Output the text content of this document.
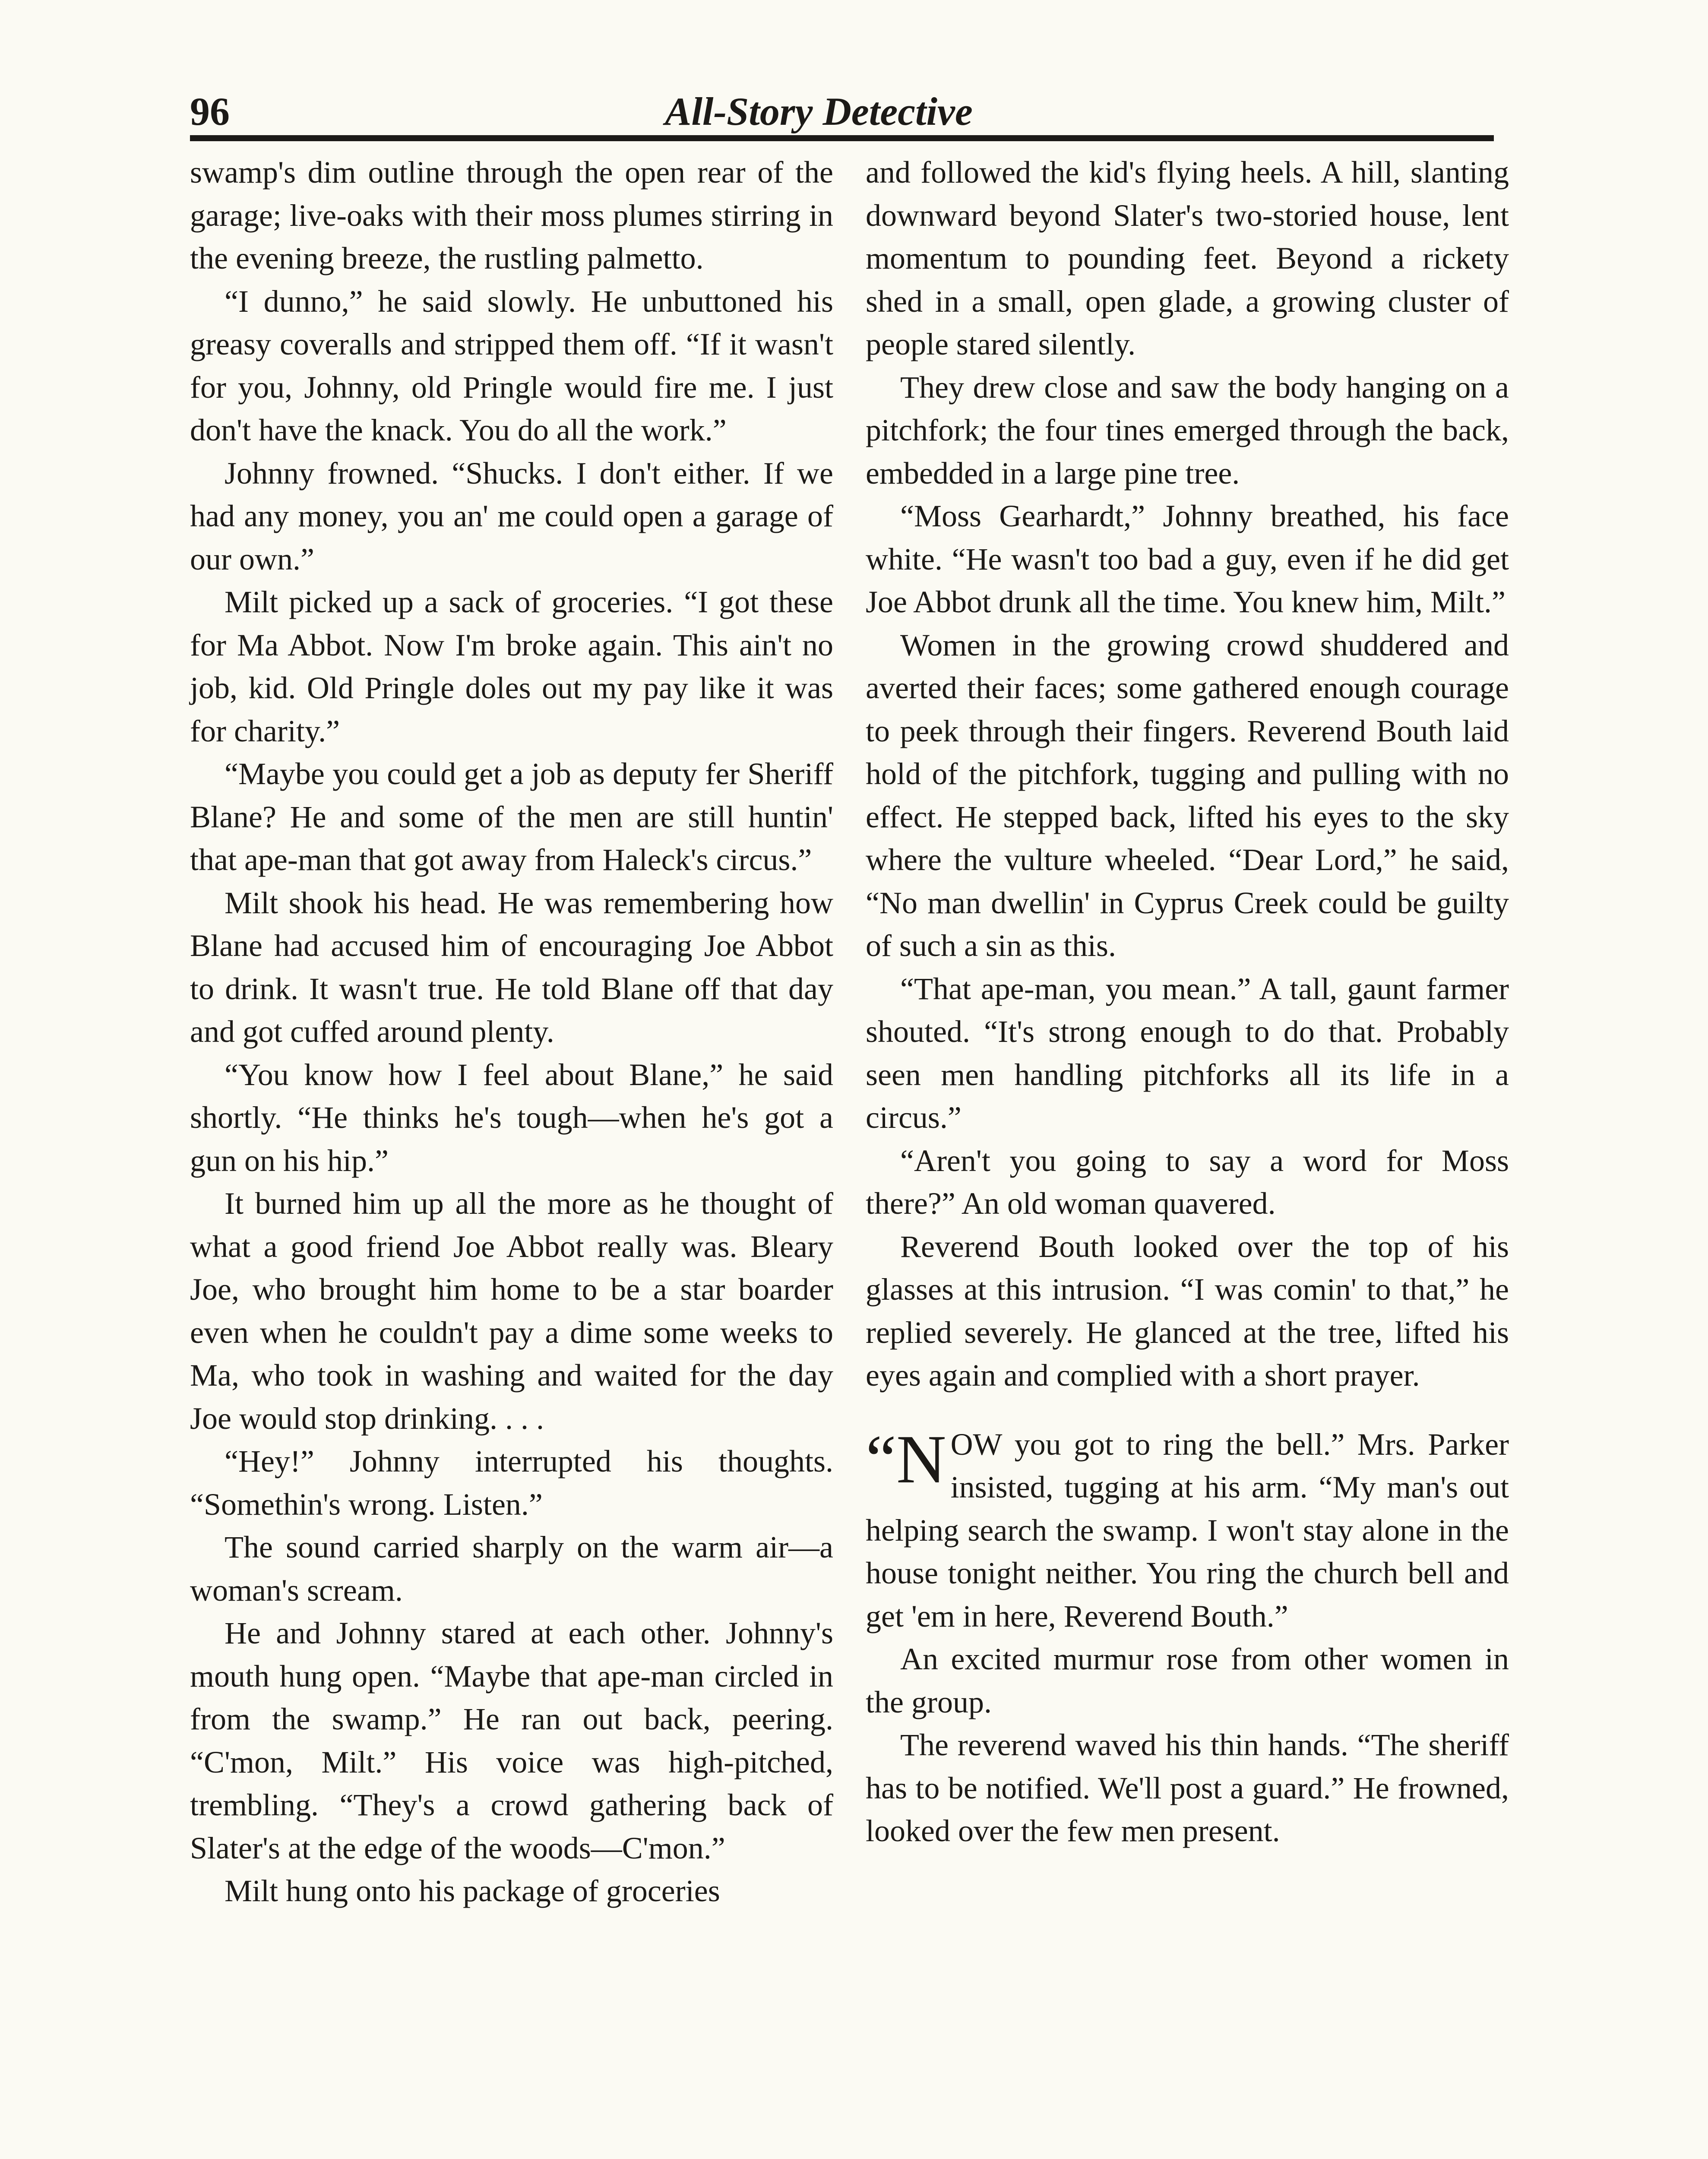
96	All-Story Detective

swamp's dim outline through the open rear of the garage; live-oaks with their moss plumes stirring in the evening breeze, the rustling palmetto.

“I dunno,” he said slowly. He unbuttoned his greasy coveralls and stripped them off. “If it wasn't for you, Johnny, old Pringle would fire me. I just don't have the knack. You do all the work.”

Johnny frowned. “Shucks. I don't either. If we had any money, you an' me could open a garage of our own.”

Milt picked up a sack of groceries. “I got these for Ma Abbot. Now I'm broke again. This ain't no job, kid. Old Pringle doles out my pay like it was for charity.”

“Maybe you could get a job as deputy fer Sheriff Blane? He and some of the men are still huntin' that ape-man that got away from Haleck's circus.”

Milt shook his head. He was remembering how Blane had accused him of encouraging Joe Abbot to drink. It wasn't true. He told Blane off that day and got cuffed around plenty.

“You know how I feel about Blane,” he said shortly. “He thinks he's tough—when he's got a gun on his hip.”

It burned him up all the more as he thought of what a good friend Joe Abbot really was. Bleary Joe, who brought him home to be a star boarder even when he couldn't pay a dime some weeks to Ma, who took in washing and waited for the day Joe would stop drinking. . . .

“Hey!” Johnny interrupted his thoughts. “Somethin's wrong. Listen.”

The sound carried sharply on the warm air—a woman's scream.

He and Johnny stared at each other. Johnny's mouth hung open. “Maybe that ape-man circled in from the swamp.” He ran out back, peering. “C'mon, Milt.” His voice was high-pitched, trembling. “They's a crowd gathering back of Slater's at the edge of the woods—C'mon.”

Milt hung onto his package of groceries

and followed the kid's flying heels. A hill, slanting downward beyond Slater's two-storied house, lent momentum to pounding feet. Beyond a rickety shed in a small, open glade, a growing cluster of people stared silently.

They drew close and saw the body hanging on a pitchfork; the four tines emerged through the back, embedded in a large pine tree.

“Moss Gearhardt,” Johnny breathed, his face white. “He wasn't too bad a guy, even if he did get Joe Abbot drunk all the time. You knew him, Milt.”

Women in the growing crowd shuddered and averted their faces; some gathered enough courage to peek through their fingers. Reverend Bouth laid hold of the pitchfork, tugging and pulling with no effect. He stepped back, lifted his eyes to the sky where the vulture wheeled. “Dear Lord,” he said, “No man dwellin' in Cyprus Creek could be guilty of such a sin as this.

“That ape-man, you mean.” A tall, gaunt farmer shouted. “It's strong enough to do that. Probably seen men handling pitchforks all its life in a circus.”

“Aren't you going to say a word for Moss there?” An old woman quavered.

Reverend Bouth looked over the top of his glasses at this intrusion. “I was comin' to that,” he replied severely. He glanced at the tree, lifted his eyes again and complied with a short prayer.

“N OW you got to ring the bell.” Mrs. Parker insisted, tugging at his arm. “My man's out helping search the swamp. I won't stay alone in the house tonight neither. You ring the church bell and get 'em in here, Reverend Bouth.”

An excited murmur rose from other women in the group.

The reverend waved his thin hands. “The sheriff has to be notified. We'll post a guard.” He frowned, looked over the few men present.
